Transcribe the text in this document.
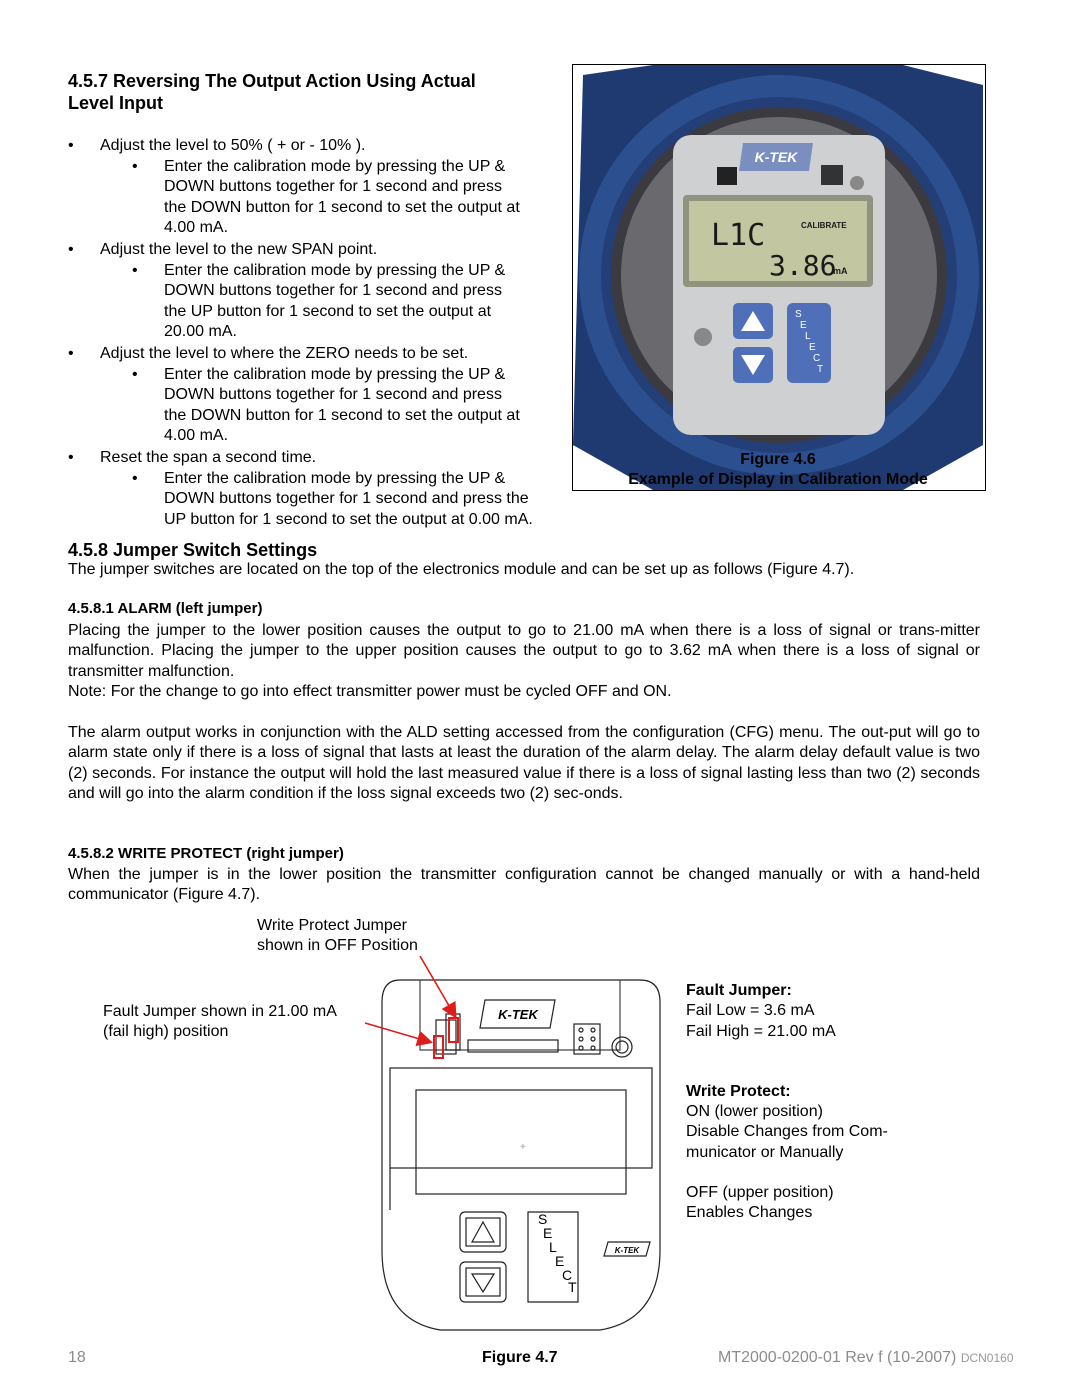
4.5.7 Reversing The Output Action Using Actual
Level Input
• Adjust the level to 50% ( + or - 10% ).
• Enter the calibration mode by pressing the UP &
DOWN buttons together for 1 second and press
the DOWN button for 1 second to set the output at
4.00 mA.
• Adjust the level to the new SPAN point.
• Enter the calibration mode by pressing the UP &
DOWN buttons together for 1 second and press
the UP button for 1 second to set the output at
20.00 mA.
• Adjust the level to where the ZERO needs to be set.
• Enter the calibration mode by pressing the UP &
DOWN buttons together for 1 second and press
the DOWN button for 1 second to set the output at
4.00 mA.
• Reset the span a second time.
• Enter the calibration mode by pressing the UP &
DOWN buttons together for 1 second and press the
UP button for 1 second to set the output at 0.00 mA.
K-TEK
L1C	CALIBRATE
3.86
mA
S
E
L
E
C
T
Figure 4.6
Example of Display in Calibration Mode
4.5.8 Jumper Switch Settings
The jumper switches are located on the top of the electronics module and can be set up as follows (Figure 4.7).
4.5.8.1 ALARM (left jumper)
Placing the jumper to the lower position causes the output to go to 21.00 mA when there is a loss of signal or trans-mitter malfunction. Placing the jumper to the upper position causes the output to go to 3.62 mA when there is a loss of signal or transmitter malfunction.
Note: For the change to go into effect transmitter power must be cycled OFF and ON.
The alarm output works in conjunction with the ALD setting accessed from the configuration (CFG) menu. The out-put will go to alarm state only if there is a loss of signal that lasts at least the duration of the alarm delay. The alarm delay default value is two (2) seconds. For instance the output will hold the last measured value if there is a loss of signal lasting less than two (2) seconds and will go into the alarm condition if the loss signal exceeds two (2) sec-onds.
4.5.8.2 WRITE PROTECT (right jumper)
When the jumper is in the lower position the transmitter configuration cannot be changed manually or with a hand-held communicator (Figure 4.7).
Write Protect Jumper
shown in OFF Position
Fault Jumper shown in 21.00 mA
(fail high) position
+
S
E
L
E
C
T
K-TEK
K-TEK
Fault Jumper:
Fail Low = 3.6 mA
Fail High = 21.00 mA
Write Protect:
ON (lower position)
Disable Changes from Com-
municator or Manually
OFF (upper position)
Enables Changes
Figure 4.7
18	MT2000-0200-01 Rev f (10-2007) DCN0160
